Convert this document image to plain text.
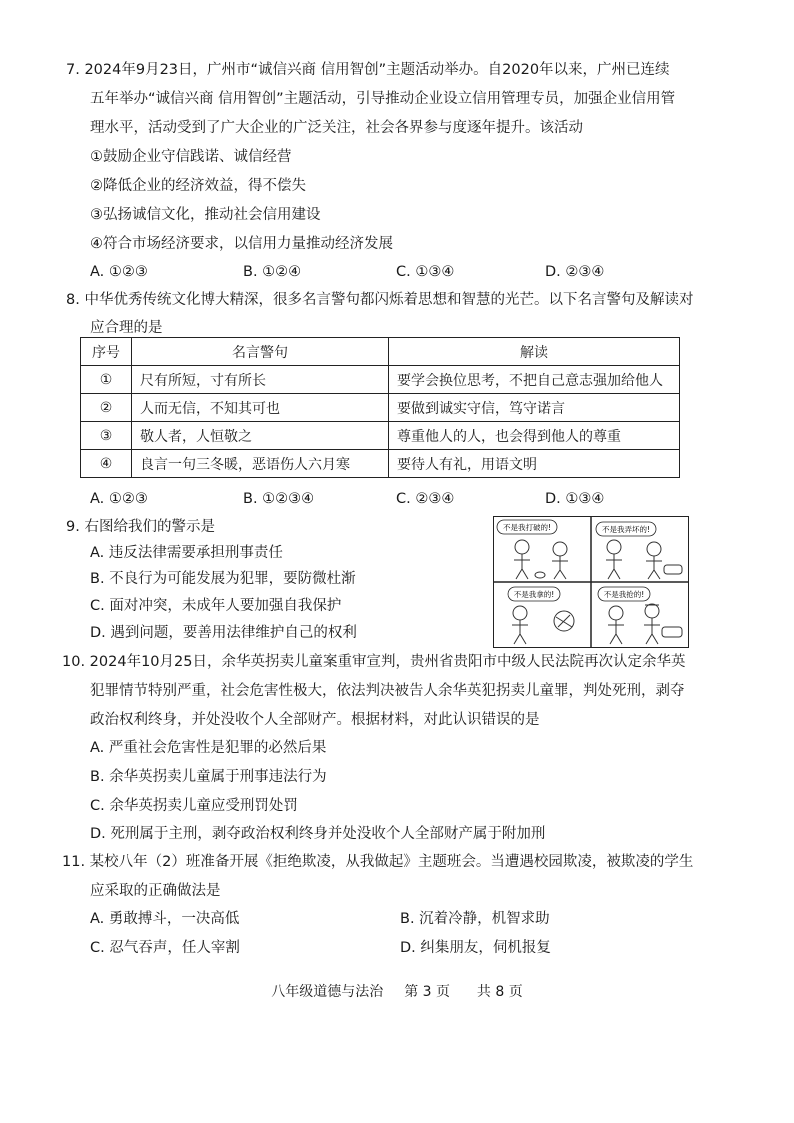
7. 2024年9月23日，广州市“诚信兴商 信用智创”主题活动举办。自2020年以来，广州已连续
五年举办“诚信兴商 信用智创”主题活动，引导推动企业设立信用管理专员，加强企业信用管
理水平，活动受到了广大企业的广泛关注，社会各界参与度逐年提升。该活动
①鼓励企业守信践诺、诚信经营
②降低企业的经济效益，得不偿失
③弘扬诚信文化，推动社会信用建设
④符合市场经济要求，以信用力量推动经济发展
A. ①②③	B. ①②④	C. ①③④	D. ②③④
8. 中华优秀传统文化博大精深，很多名言警句都闪烁着思想和智慧的光芒。以下名言警句及解读对
应合理的是
序号	名言警句	解读
①	尺有所短，寸有所长	要学会换位思考，不把自己意志强加给他人
②	人而无信，不知其可也	要做到诚实守信，笃守诺言
③	敬人者，人恒敬之	尊重他人的人，也会得到他人的尊重
④	良言一句三冬暖，恶语伤人六月寒	要待人有礼，用语文明
A. ①②③	B. ①②③④	C. ②③④	D. ①③④
9. 右图给我们的警示是
A. 违反法律需要承担刑事责任
B. 不良行为可能发展为犯罪，要防微杜渐
C. 面对冲突，未成年人要加强自我保护
D. 遇到问题，要善用法律维护自己的权利
不是我打破的!	不是我弄坏的!
不是我拿的!	不是我抢的!
10. 2024年10月25日，余华英拐卖儿童案重审宣判，贵州省贵阳市中级人民法院再次认定余华英
犯罪情节特别严重，社会危害性极大，依法判决被告人余华英犯拐卖儿童罪，判处死刑，剥夺
政治权利终身，并处没收个人全部财产。根据材料，对此认识错误的是
A. 严重社会危害性是犯罪的必然后果
B. 余华英拐卖儿童属于刑事违法行为
C. 余华英拐卖儿童应受刑罚处罚
D. 死刑属于主刑，剥夺政治权利终身并处没收个人全部财产属于附加刑
11. 某校八年（2）班准备开展《拒绝欺凌，从我做起》主题班会。当遭遇校园欺凌，被欺凌的学生
应采取的正确做法是
A. 勇敢搏斗，一决高低	B. 沉着冷静，机智求助
C. 忍气吞声，任人宰割	D. 纠集朋友，伺机报复
八年级道德与法治 第 3 页 共 8 页
